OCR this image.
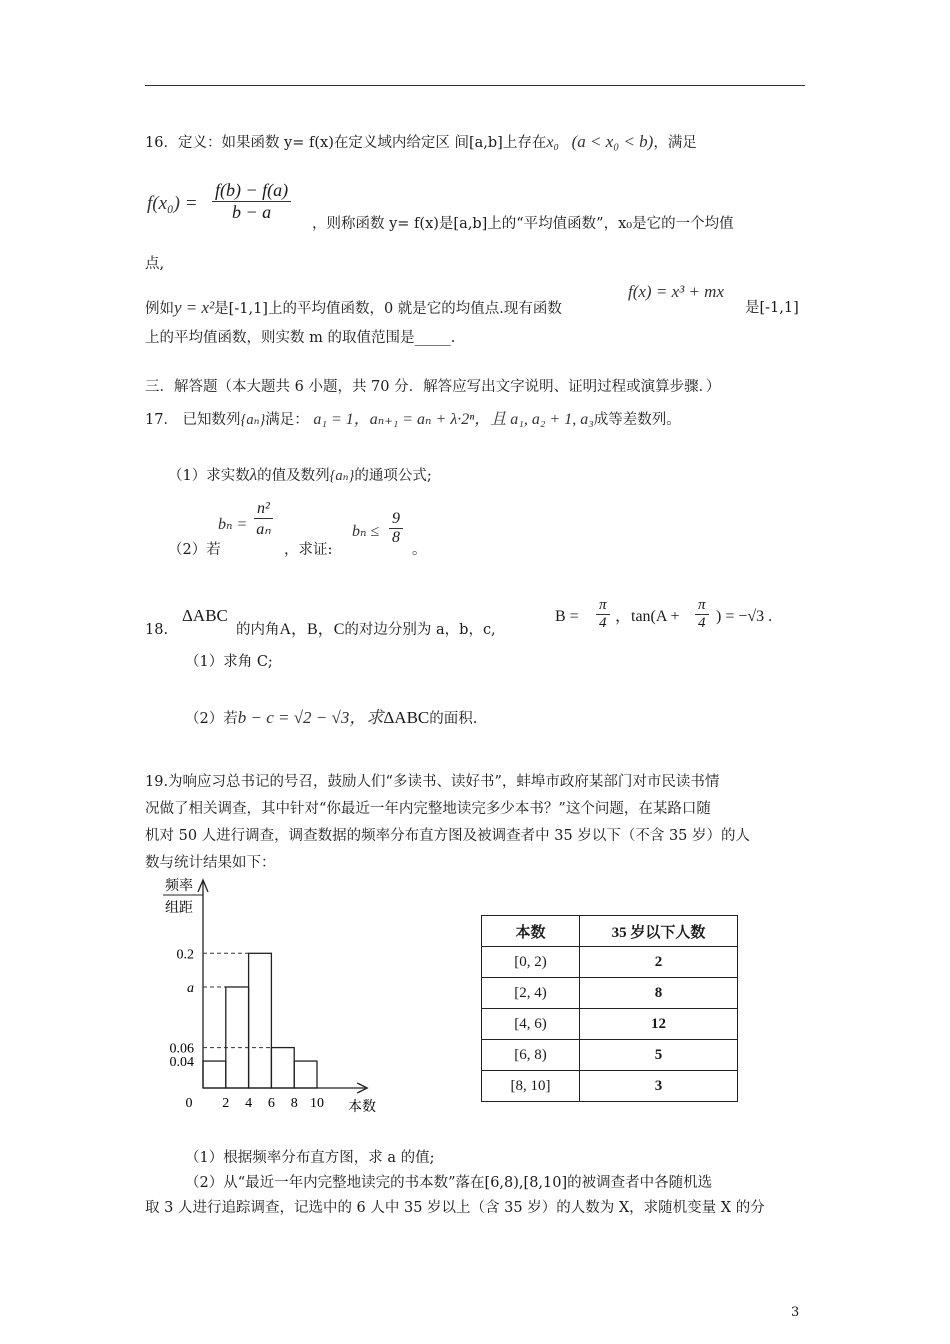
16．定义：如果函数 y= f(x)在定义域内给定区 间[a,b]上存在x₀ (a < x₀ < b)，满足
$f(x_0) = \frac{f(b) - f(a)}{b - a}$
，则称函数 y= f(x)是[a,b]上的“平均值函数”，x₀是它的一个均值
点,
例如y = x²是[-1,1]上的平均值函数，0 就是它的均值点.现有函数
f(x) = x³ + mx
是[-1,1]
上的平均值函数，则实数 m 的取值范围是_____.
三．解答题（本大题共 6 小题，共 70 分．解答应写出文字说明、证明过程或演算步骤．）
17． 已知数列{aₙ}满足： a₁ = 1，aₙ₊₁ = aₙ + λ·2ⁿ，且 a₁, a₂ + 1, a₃成等差数列。
（1）求实数λ的值及数列{aₙ}的通项公式;
（2）若
$b_n = \frac{\text{n²}}{\text{aₙ}}$
，求证:
$b_n \le \frac{9}{8}$
。
18.
ΔABC
的内角A，B，C的对边分别为 a，b，c,
$B = \frac{\pi}{4}$ ，$\tan(A + \frac{\pi}{4}$ ) = −√3 .
（1）求角 C;
（2）若b − c = √2 − √3，求ΔABC的面积.
19.为响应习总书记的号召，鼓励人们“多读书、读好书”，蚌埠市政府某部门对市民读书情
况做了相关调查，其中针对“你最近一年内完整地读完多少本书？”这个问题，在某路口随
机对 50 人进行调查，调查数据的频率分布直方图及被调查者中 35 岁以下（不含 35 岁）的人
数与统计结果如下：
频率
组距
本数
0.2
a
0.06
0.04
0 2 4 6 8 10
本数	35 岁以下人数
[0, 2)	2
[2, 4)	8
[4, 6)	12
[6, 8)	5
[8, 10]	3
（1）根据频率分布直方图，求 a 的值;
（2）从“最近一年内完整地读完的书本数”落在[6,8),[8,10]的被调查者中各随机选
取 3 人进行追踪调查，记选中的 6 人中 35 岁以上（含 35 岁）的人数为 X，求随机变量 X 的分
3
